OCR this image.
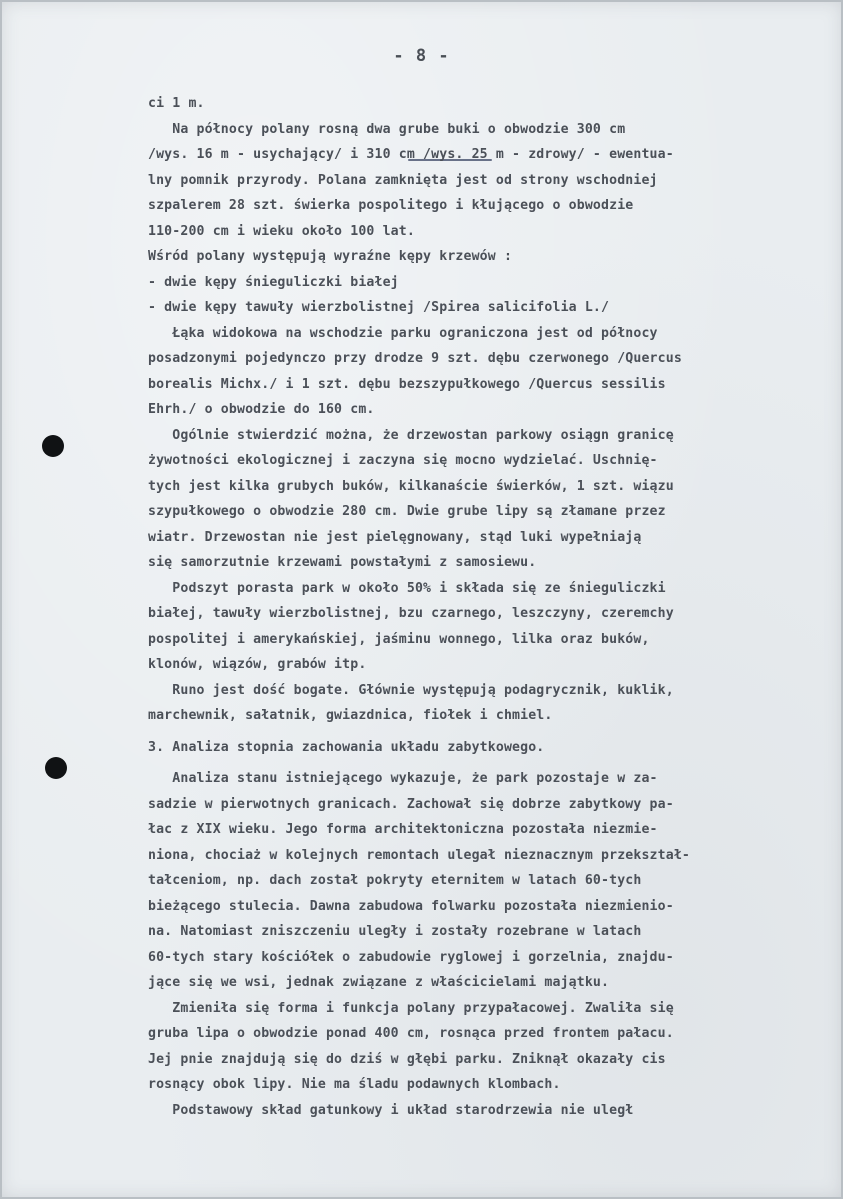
- 8 -
ci 1 m.
Na północy polany rosną dwa grube buki o obwodzie 300 cm
/wys. 16 m - usychający/ i 310 cm /wys. 25 m - zdrowy/ - ewentua-
lny pomnik przyrody. Polana zamknięta jest od strony wschodniej
szpalerem 28 szt. świerka pospolitego i kłującego o obwodzie
110-200 cm i wieku około 100 lat.
Wśród polany występują wyraźne kępy krzewów :
- dwie kępy śnieguliczki białej
- dwie kępy tawuły wierzbolistnej /Spirea salicifolia L./
Łąka widokowa na wschodzie parku ograniczona jest od północy
posadzonymi pojedynczo przy drodze 9 szt. dębu czerwonego /Quercus
borealis Michx./ i 1 szt. dębu bezszypułkowego /Quercus sessilis
Ehrh./ o obwodzie do 160 cm.
Ogólnie stwierdzić można, że drzewostan parkowy osiągn granicę
żywotności ekologicznej i zaczyna się mocno wydzielać. Uschnię-
tych jest kilka grubych buków, kilkanaście świerków, 1 szt. wiązu
szypułkowego o obwodzie 280 cm. Dwie grube lipy są złamane przez
wiatr. Drzewostan nie jest pielęgnowany, stąd luki wypełniają
się samorzutnie krzewami powstałymi z samosiewu.
Podszyt porasta park w około 50% i składa się ze śnieguliczki
białej, tawuły wierzbolistnej, bzu czarnego, leszczyny, czeremchy
pospolitej i amerykańskiej, jaśminu wonnego, lilka oraz buków,
klonów, wiązów, grabów itp.
Runo jest dość bogate. Głównie występują podagrycznik, kuklik,
marchewnik, sałatnik, gwiazdnica, fiołek i chmiel.
3. Analiza stopnia zachowania układu zabytkowego.
Analiza stanu istniejącego wykazuje, że park pozostaje w za-
sadzie w pierwotnych granicach. Zachował się dobrze zabytkowy pa-
łac z XIX wieku. Jego forma architektoniczna pozostała niezmie-
niona, chociaż w kolejnych remontach ulegał nieznacznym przekształ-
tałceniom, np. dach został pokryty eternitem w latach 60-tych
bieżącego stulecia. Dawna zabudowa folwarku pozostała niezmienio-
na. Natomiast zniszczeniu uległy i zostały rozebrane w latach
60-tych stary kościółek o zabudowie ryglowej i gorzelnia, znajdu-
jące się we wsi, jednak związane z właścicielami majątku.
Zmieniła się forma i funkcja polany przypałacowej. Zwaliła się
gruba lipa o obwodzie ponad 400 cm, rosnąca przed frontem pałacu.
Jej pnie znajdują się do dziś w głębi parku. Zniknął okazały cis
rosnący obok lipy. Nie ma śladu podawnych klombach.
Podstawowy skład gatunkowy i układ starodrzewia nie uległ
